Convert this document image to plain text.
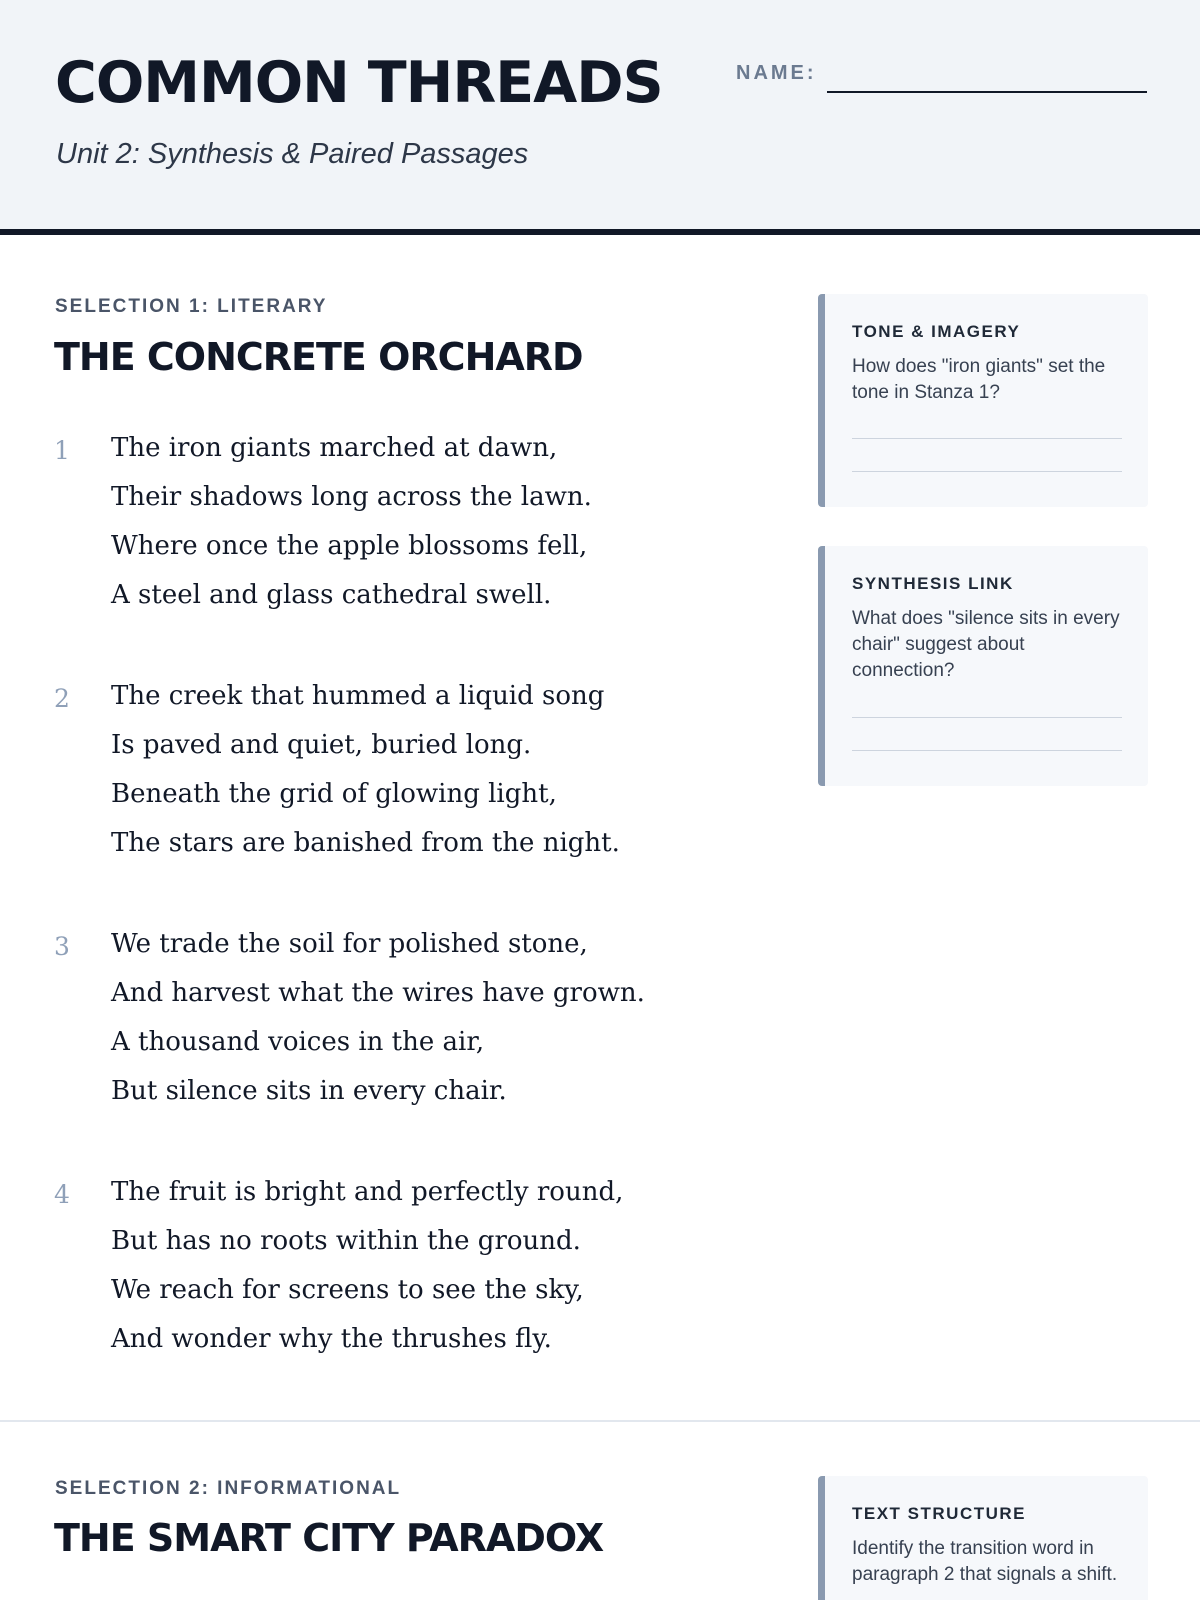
COMMON THREADS

Unit 2: Synthesis & Paired Passages

NAME:

SELECTION 1: LITERARY

THE CONCRETE ORCHARD
1 The iron giants marched at dawn,

Their shadows long across the lawn.

Where once the apple blossoms fell,

A steel and glass cathedral swell.

2 The creek that hummed a liquid song

Is paved and quiet, buried long.

Beneath the grid of glowing light,

The stars are banished from the night.

3 We trade the soil for polished stone,

And harvest what the wires have grown.

A thousand voices in the air,

But silence sits in every chair.

4 The fruit is bright and perfectly round,

But has no roots within the ground.

We reach for screens to see the sky,

And wonder why the thrushes fly.

TONE & IMAGERY

How does "iron giants" set the tone in Stanza 1?

SYNTHESIS LINK

What does "silence sits in every chair" suggest about connection?

SELECTION 2: INFORMATIONAL

THE SMART CITY PARADOX
TEXT STRUCTURE

Identify the transition word in paragraph 2 that signals a shift.
